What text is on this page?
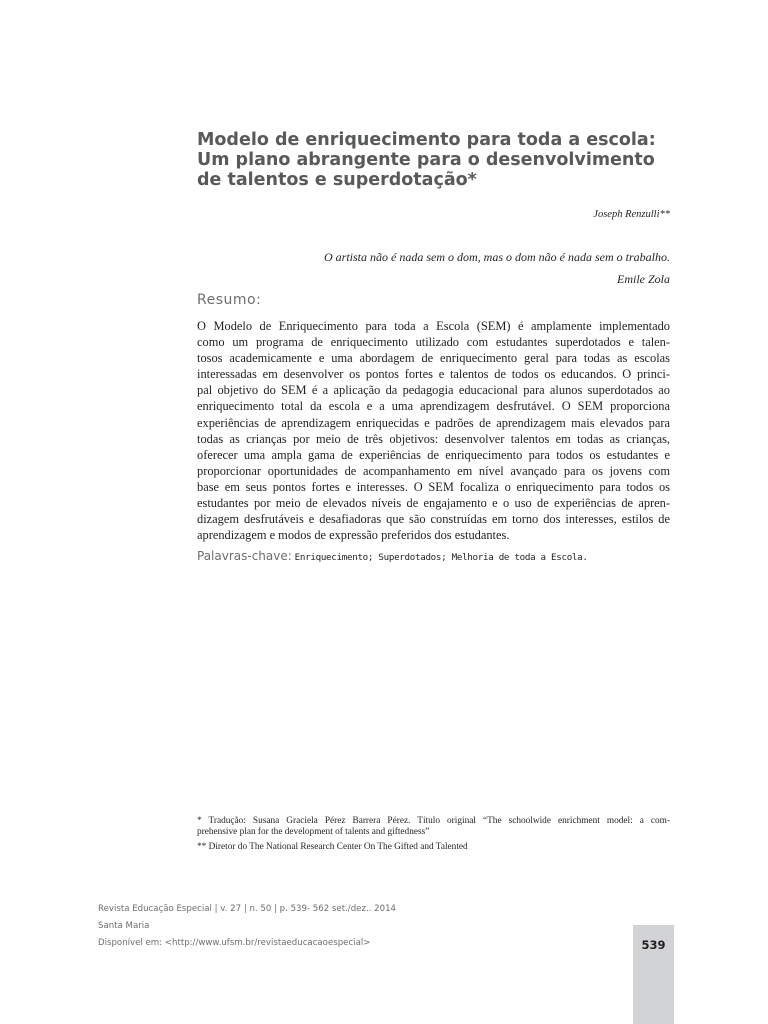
Modelo de enriquecimento para toda a escola:
Um plano abrangente para o desenvolvimento
de talentos e superdotação*
Joseph Renzulli**
O artista não é nada sem o dom, mas o dom não é nada sem o trabalho.
Emile Zola
Resumo:
O Modelo de Enriquecimento para toda a Escola (SEM) é amplamente implementado
como um programa de enriquecimento utilizado com estudantes superdotados e talen-
tosos academicamente e uma abordagem de enriquecimento geral para todas as escolas
interessadas em desenvolver os pontos fortes e talentos de todos os educandos. O princi-
pal objetivo do SEM é a aplicação da pedagogia educacional para alunos superdotados ao
enriquecimento total da escola e a uma aprendizagem desfrutável. O SEM proporciona
experiências de aprendizagem enriquecidas e padrões de aprendizagem mais elevados para
todas as crianças por meio de três objetivos: desenvolver talentos em todas as crianças,
oferecer uma ampla gama de experiências de enriquecimento para todos os estudantes e
proporcionar oportunidades de acompanhamento em nível avançado para os jovens com
base em seus pontos fortes e interesses. O SEM focaliza o enriquecimento para todos os
estudantes por meio de elevados níveis de engajamento e o uso de experiências de apren-
dizagem desfrutáveis e desafiadoras que são construídas em torno dos interesses, estilos de
aprendizagem e modos de expressão preferidos dos estudantes.
Palavras-chave: Enriquecimento; Superdotados; Melhoria de toda a Escola.
* Tradução: Susana Graciela Pérez Barrera Pérez. Título original “The schoolwide enrichment model: a com-
prehensive plan for the development of talents and giftedness”
** Diretor do The National Research Center On The Gifted and Talented
Revista Educação Especial | v. 27 | n. 50 | p. 539- 562 set./dez.. 2014
Santa Maria
Disponível em: <http://www.ufsm.br/revistaeducacaoespecial>	539
